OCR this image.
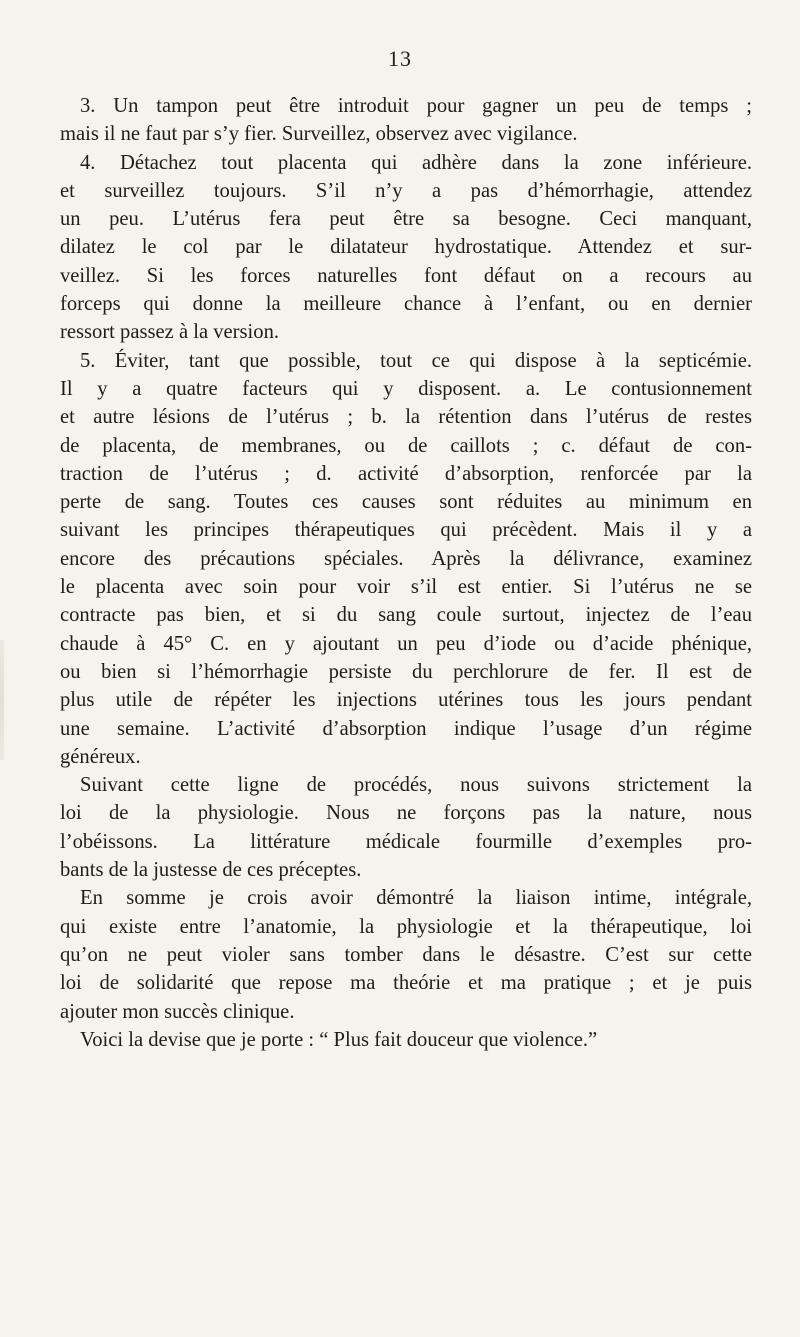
13

3. Un tampon peut être introduit pour gagner un peu de temps ;
mais il ne faut par s’y fier. Surveillez, observez avec vigilance.

4. Détachez tout placenta qui adhère dans la zone inférieure.
et surveillez toujours. S’il n’y a pas d’hémorrhagie, attendez
un peu. L’utérus fera peut être sa besogne. Ceci manquant,
dilatez le col par le dilatateur hydrostatique. Attendez et sur-
veillez. Si les forces naturelles font défaut on a recours au
forceps qui donne la meilleure chance à l’enfant, ou en dernier
ressort passez à la version.

5. Éviter, tant que possible, tout ce qui dispose à la septicémie.
Il y a quatre facteurs qui y disposent. a. Le contusionnement
et autre lésions de l’utérus ; b. la rétention dans l’utérus de restes
de placenta, de membranes, ou de caillots ; c. défaut de con-
traction de l’utérus ; d. activité d’absorption, renforcée par la
perte de sang. Toutes ces causes sont réduites au minimum en
suivant les principes thérapeutiques qui précèdent. Mais il y a
encore des précautions spéciales. Après la délivrance, examinez
le placenta avec soin pour voir s’il est entier. Si l’utérus ne se
contracte pas bien, et si du sang coule surtout, injectez de l’eau
chaude à 45° C. en y ajoutant un peu d’iode ou d’acide phénique,
ou bien si l’hémorrhagie persiste du perchlorure de fer. Il est de
plus utile de répéter les injections utérines tous les jours pendant
une semaine. L’activité d’absorption indique l’usage d’un régime
généreux.

Suivant cette ligne de procédés, nous suivons strictement la
loi de la physiologie. Nous ne forçons pas la nature, nous
l’obéissons. La littérature médicale fourmille d’exemples pro-
bants de la justesse de ces préceptes.

En somme je crois avoir démontré la liaison intime, intégrale,
qui existe entre l’anatomie, la physiologie et la thérapeutique, loi
qu’on ne peut violer sans tomber dans le désastre. C’est sur cette
loi de solidarité que repose ma theórie et ma pratique ; et je puis
ajouter mon succès clinique.

Voici la devise que je porte : “ Plus fait douceur que violence.”
